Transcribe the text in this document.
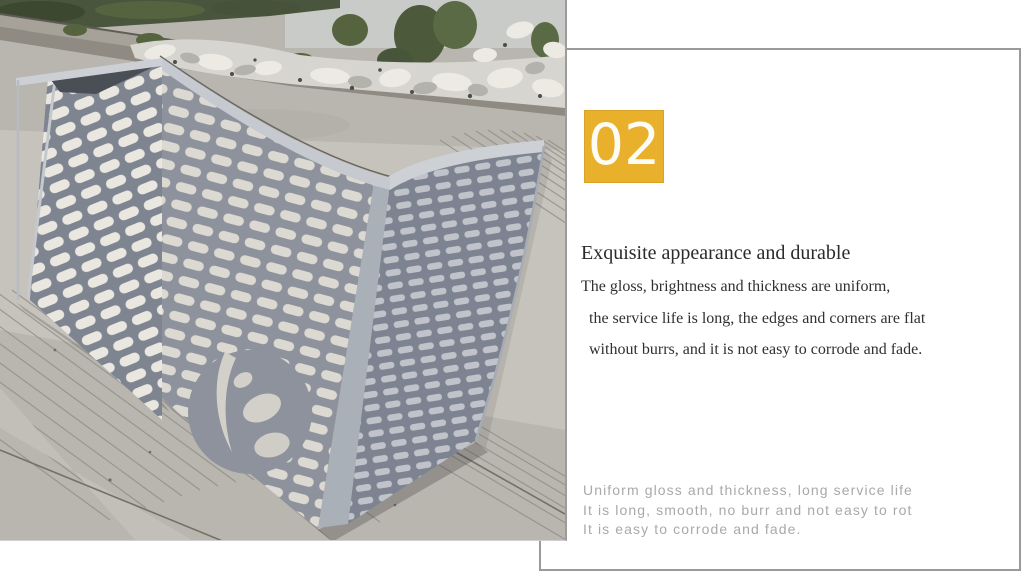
02
Exquisite appearance and durable
The gloss, brightness and thickness are uniform,
the service life is long, the edges and corners are flat
without burrs, and it is not easy to corrode and fade.
Uniform gloss and thickness, long service life
It is long, smooth, no burr and not easy to rot
It is easy to corrode and fade.
